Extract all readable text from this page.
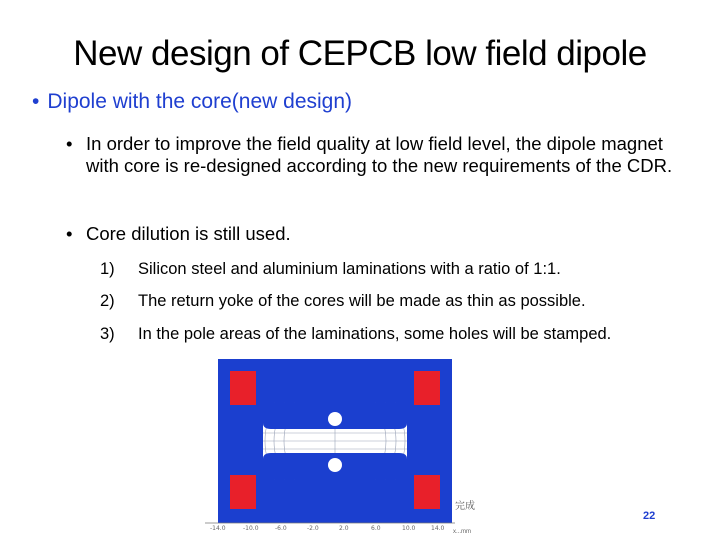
New design of CEPCB low field dipole
• Dipole with the core(new design)
• In order to improve the field quality at low field level, the dipole magnet with core is re-designed according to the new requirements of the CDR.
• Core dilution is still used.
1) Silicon steel and aluminium laminations with a ratio of 1:1.
2) The return yoke of the cores will be made as thin as possible.
3) In the pole areas of the laminations, some holes will be stamped.
-14.0	-10.0	-6.0	-2.0	2.0	6.0	10.0	14.0
完成
x...mm
22
